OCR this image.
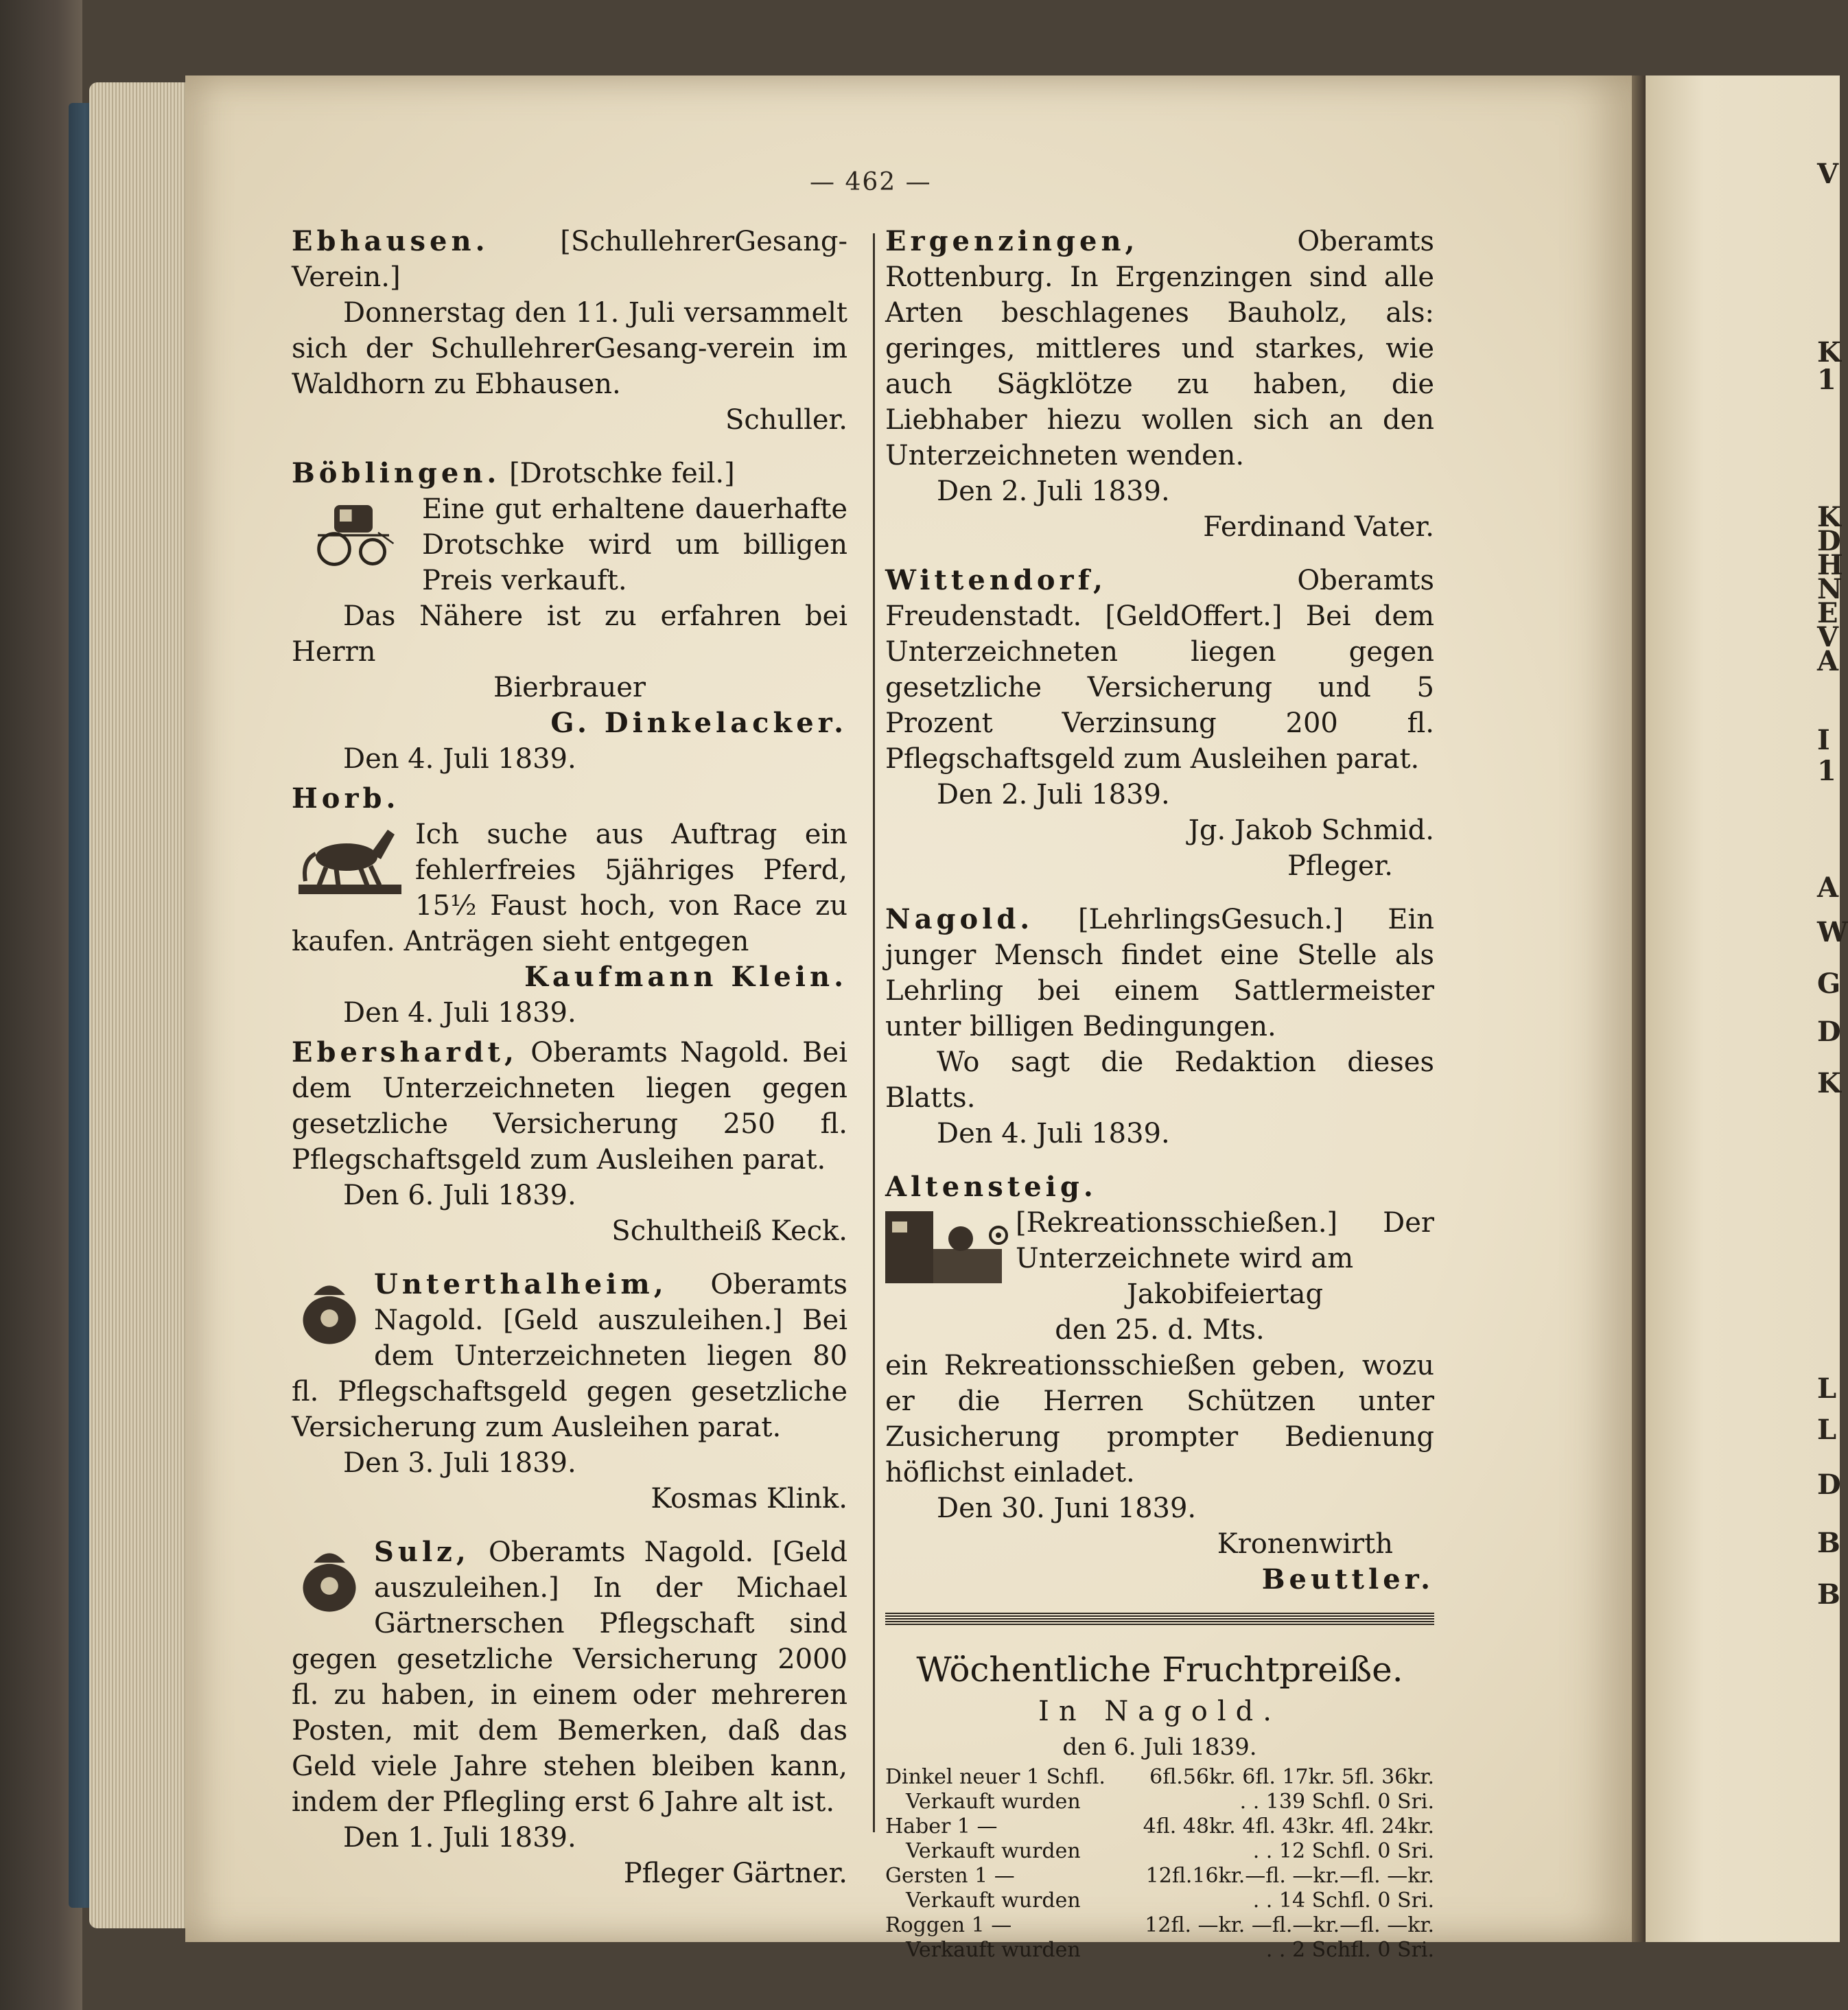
V
K
1
K
D
H
N
E
V
A
I
1
A
W
G
D
K
L
L
D
B
B
— 462 —

Ebhausen.	[SchullehrerGesang-Verein.]

Donnerstag den 11. Juli versammelt sich der SchullehrerGesang-verein im Waldhorn zu Ebhausen.

Schuller.

Böblingen. [Drotschke feil.]

Eine gut erhaltene dauerhafte Drotschke wird um billigen Preis verkauft.

Das Nähere ist zu erfahren bei Herrn

Bierbrauer

G. Dinkelacker.

Den 4. Juli 1839.

Horb.

Ich suche aus Auftrag ein fehlerfreies 5jähriges Pferd, 15½ Faust hoch, von Race zu kaufen. Anträgen sieht entgegen

Kaufmann Klein.

Den 4. Juli 1839.

Ebershardt, Oberamts Nagold. Bei dem Unterzeichneten liegen gegen gesetzliche Versicherung 250 fl. Pflegschaftsgeld zum Ausleihen parat.

Den 6. Juli 1839.

Schultheiß Keck.

Unterthalheim, Oberamts Nagold. [Geld auszuleihen.] Bei dem Unterzeichneten liegen 80 fl. Pflegschaftsgeld gegen gesetzliche Versicherung zum Ausleihen parat.

Den 3. Juli 1839.

Kosmas Klink.

Sulz, Oberamts Nagold. [Geld auszuleihen.] In der Michael Gärtnerschen Pflegschaft sind gegen gesetzliche Versicherung 2000 fl. zu haben, in einem oder mehreren Posten, mit dem Bemerken, daß das Geld viele Jahre stehen bleiben kann, indem der Pflegling erst 6 Jahre alt ist.

Den 1. Juli 1839.

Pfleger Gärtner.

Ergenzingen,	Oberamts Rottenburg. In Ergenzingen sind alle Arten beschlagenes Bauholz, als: geringes, mittleres und starkes, wie auch Sägklötze zu haben, die Liebhaber hiezu wollen sich an den Unterzeichneten wenden.

Den 2. Juli 1839.

Ferdinand Vater.

Wittendorf,	Oberamts Freudenstadt. [GeldOffert.] Bei dem Unterzeichneten liegen gegen gesetzliche Versicherung und 5 Prozent Verzinsung 200 fl. Pflegschaftsgeld zum Ausleihen parat.

Den 2. Juli 1839.

Jg. Jakob Schmid.

Pfleger.

Nagold. [LehrlingsGesuch.] Ein junger Mensch findet eine Stelle als Lehrling bei einem Sattlermeister unter billigen Bedingungen.

Wo sagt die Redaktion dieses Blatts.

Den 4. Juli 1839.

Altensteig.

[Rekreationsschießen.] Der Unterzeichnete wird am

Jakobifeiertag

den 25. d. Mts.

ein Rekreationsschießen geben, wozu er die Herren Schützen unter Zusicherung prompter Bedienung höflichst einladet.

Den 30. Juni 1839.

Kronenwirth

Beuttler.

Wöchentliche Fruchtpreiße.
In Nagold.
den 6. Juli 1839.
Dinkel neuer 1 Schfl.	6fl.56kr. 6fl. 17kr. 5fl. 36kr.
Verkauft wurden	. . 139 Schfl. 0 Sri.
Haber 1 —	4fl. 48kr. 4fl. 43kr. 4fl. 24kr.
Verkauft wurden	. . 12 Schfl. 0 Sri.
Gersten 1 —	12fl.16kr.—fl. —kr.—fl. —kr.
Verkauft wurden	. . 14 Schfl. 0 Sri.
Roggen 1 —	12fl. —kr. —fl.—kr.—fl. —kr.
Verkauft wurden	. . 2 Schfl. 0 Sri.
